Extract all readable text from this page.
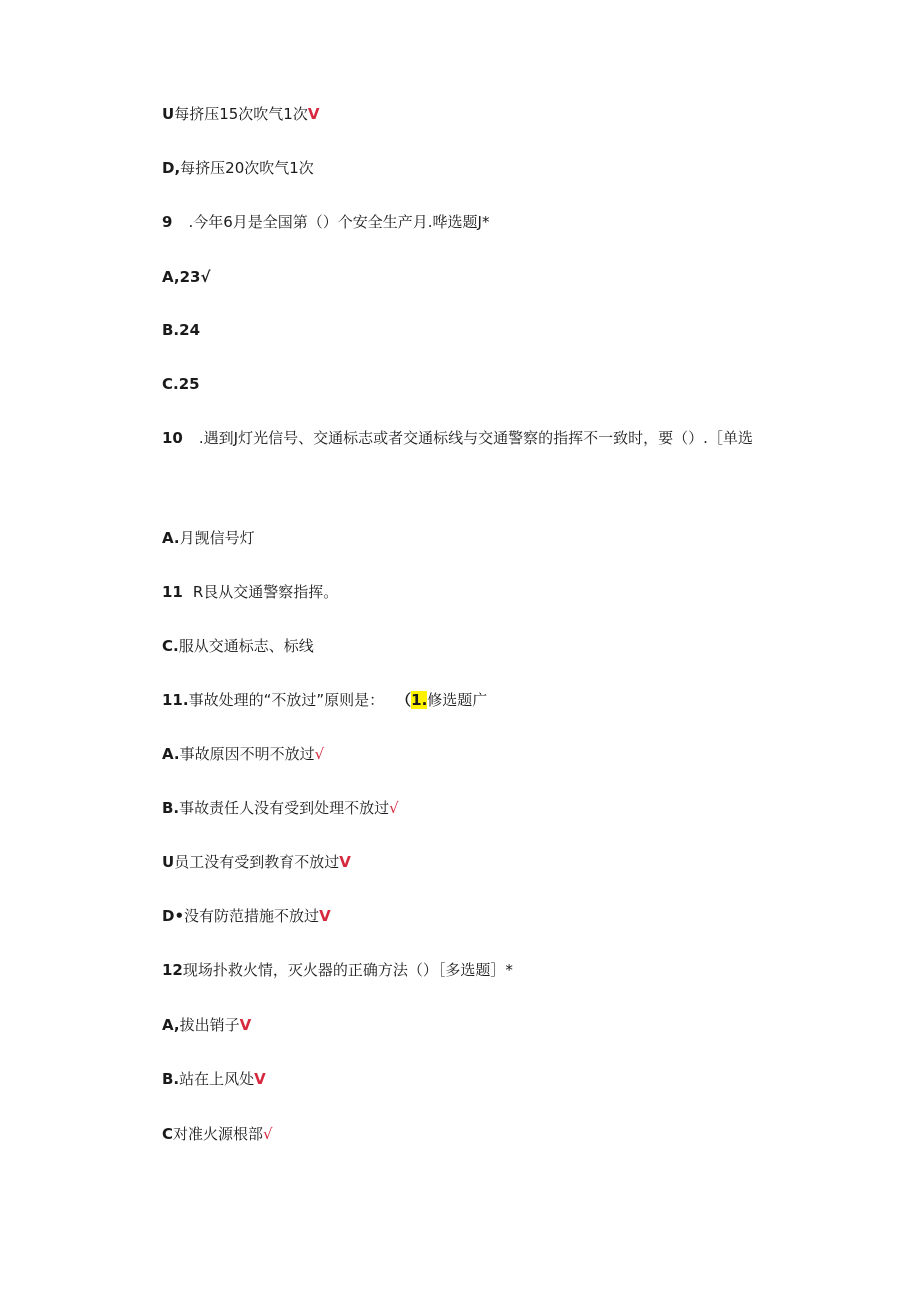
U每挤压15次吹气1次V
D,每挤压20次吹气1次
9 .今年6月是全国第（）个安全生产月.哗选题J*
A,23√
B.24
C.25
10 .遇到J灯光信号、交通标志或者交通标线与交通警察的指挥不一致时，要（）.［单选
A.月觊信号灯
11 R艮从交通警察指挥。
C.服从交通标志、标线
11.事故处理的“不放过”原则是： （1.修选题广
A.事故原因不明不放过√
B.事故责任人没有受到处理不放过√
U员工没有受到教育不放过V
D•没有防范措施不放过V
12现场扑救火情，灭火器的正确方法（）［多选题］*
A,拔出销子V
B.站在上风处V
C对准火源根部√
